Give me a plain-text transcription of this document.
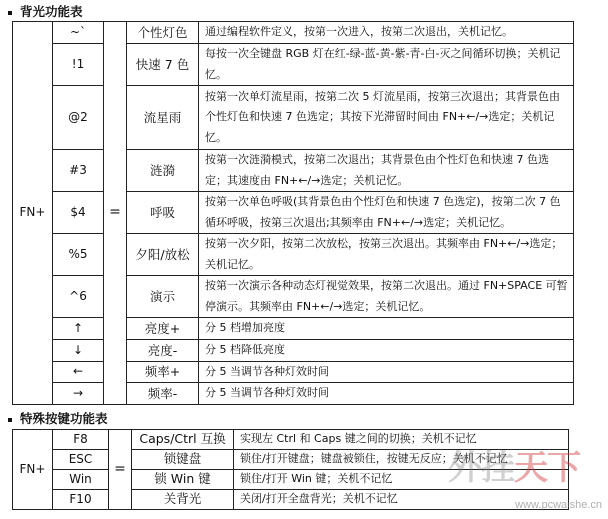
背光功能表
FN+	~`	=	个性灯色	通过编程软件定义，按第一次进入，按第二次退出，关机记忆。
	!1		快速 7 色	每按一次全键盘 RGB 灯在红-绿-蓝-黄-紫-青-白-灭之间循环切换；关机记忆。
	@2		流星雨	按第一次单灯流星雨，按第二次 5 灯流星雨，按第三次退出；其背景色由个性灯色和快速 7 色选定；其按下光滞留时间由 FN+←/→选定；关机记忆。
	#3		涟漪	按第一次涟漪模式，按第二次退出；其背景色由个性灯色和快速 7 色选定；其速度由 FN+←/→选定；关机记忆。
	$4		呼吸	按第一次单色呼吸(其背景色由个性灯色和快速 7 色选定)，按第二次 7 色循环呼吸，按第三次退出;其频率由 FN+←/→选定；关机记忆。
	%5		夕阳/放松	按第一次夕阳，按第二次放松，按第三次退出。其频率由 FN+←/→选定；关机记忆。
	^6		演示	按第一次演示各种动态灯视觉效果，按第二次退出。通过 FN+SPACE 可暂停演示。其频率由 FN+←/→选定；关机记忆。
	↑		亮度+	分 5 档增加亮度
	↓		亮度-	分 5 档降低亮度
	←		频率+	分 5 当调节各种灯效时间
	→		频率-	分 5 当调节各种灯效时间
特殊按键功能表
FN+	F8	=	Caps/Ctrl 互换	实现左 Ctrl 和 Caps 键之间的切换；关机不记忆
	ESC		锁键盘	锁住/打开键盘；键盘被锁住，按键无反应；关机不记忆
	Win		锁 Win 键	锁住/打开 Win 键；关机不记忆
	F10		关背光	关闭/打开全盘背光；关机不记忆
外挂天下
www.pcwaishe.cn
